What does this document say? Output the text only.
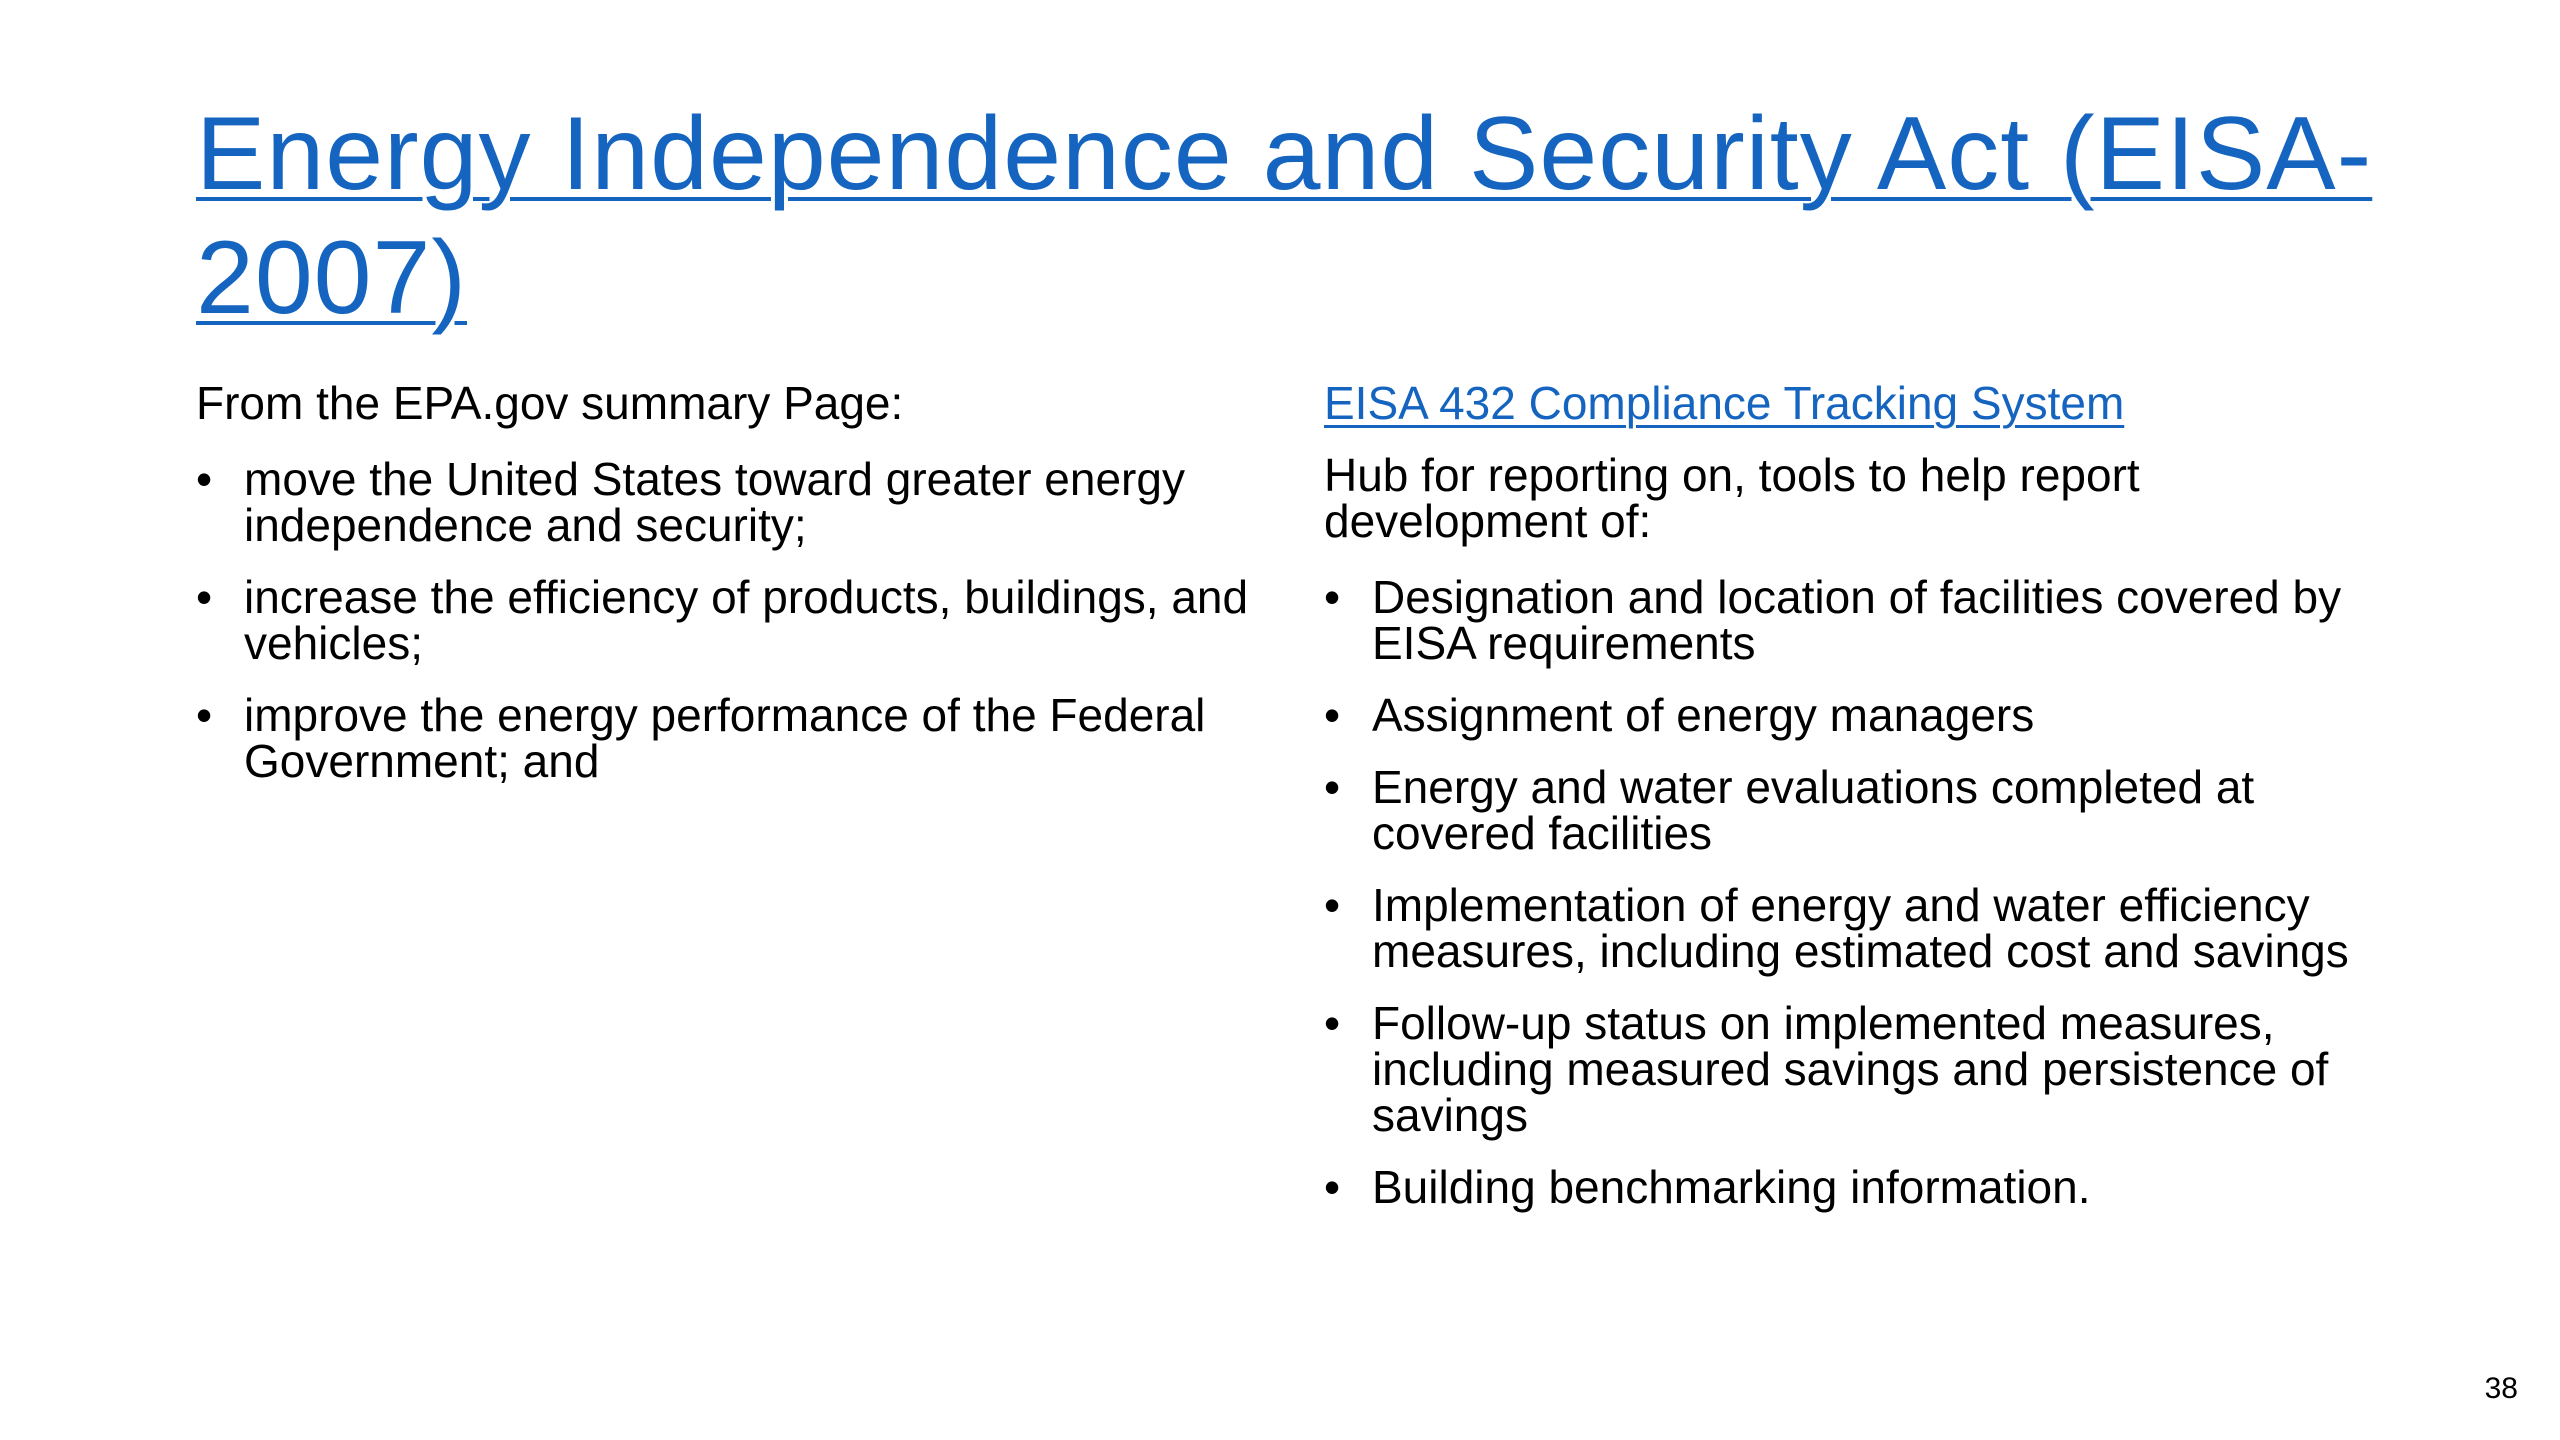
Energy Independence and Security Act (EISA-2007)

From the EPA.gov summary Page:

• move the United States toward greater energy independence and security;
• increase the efficiency of products, buildings, and vehicles;
• improve the energy performance of the Federal Government; and

EISA 432 Compliance Tracking System

Hub for reporting on, tools to help report development of:

• Designation and location of facilities covered by EISA requirements
• Assignment of energy managers
• Energy and water evaluations completed at covered facilities
• Implementation of energy and water efficiency measures, including estimated cost and savings
• Follow-up status on implemented measures, including measured savings and persistence of savings
• Building benchmarking information.
38
